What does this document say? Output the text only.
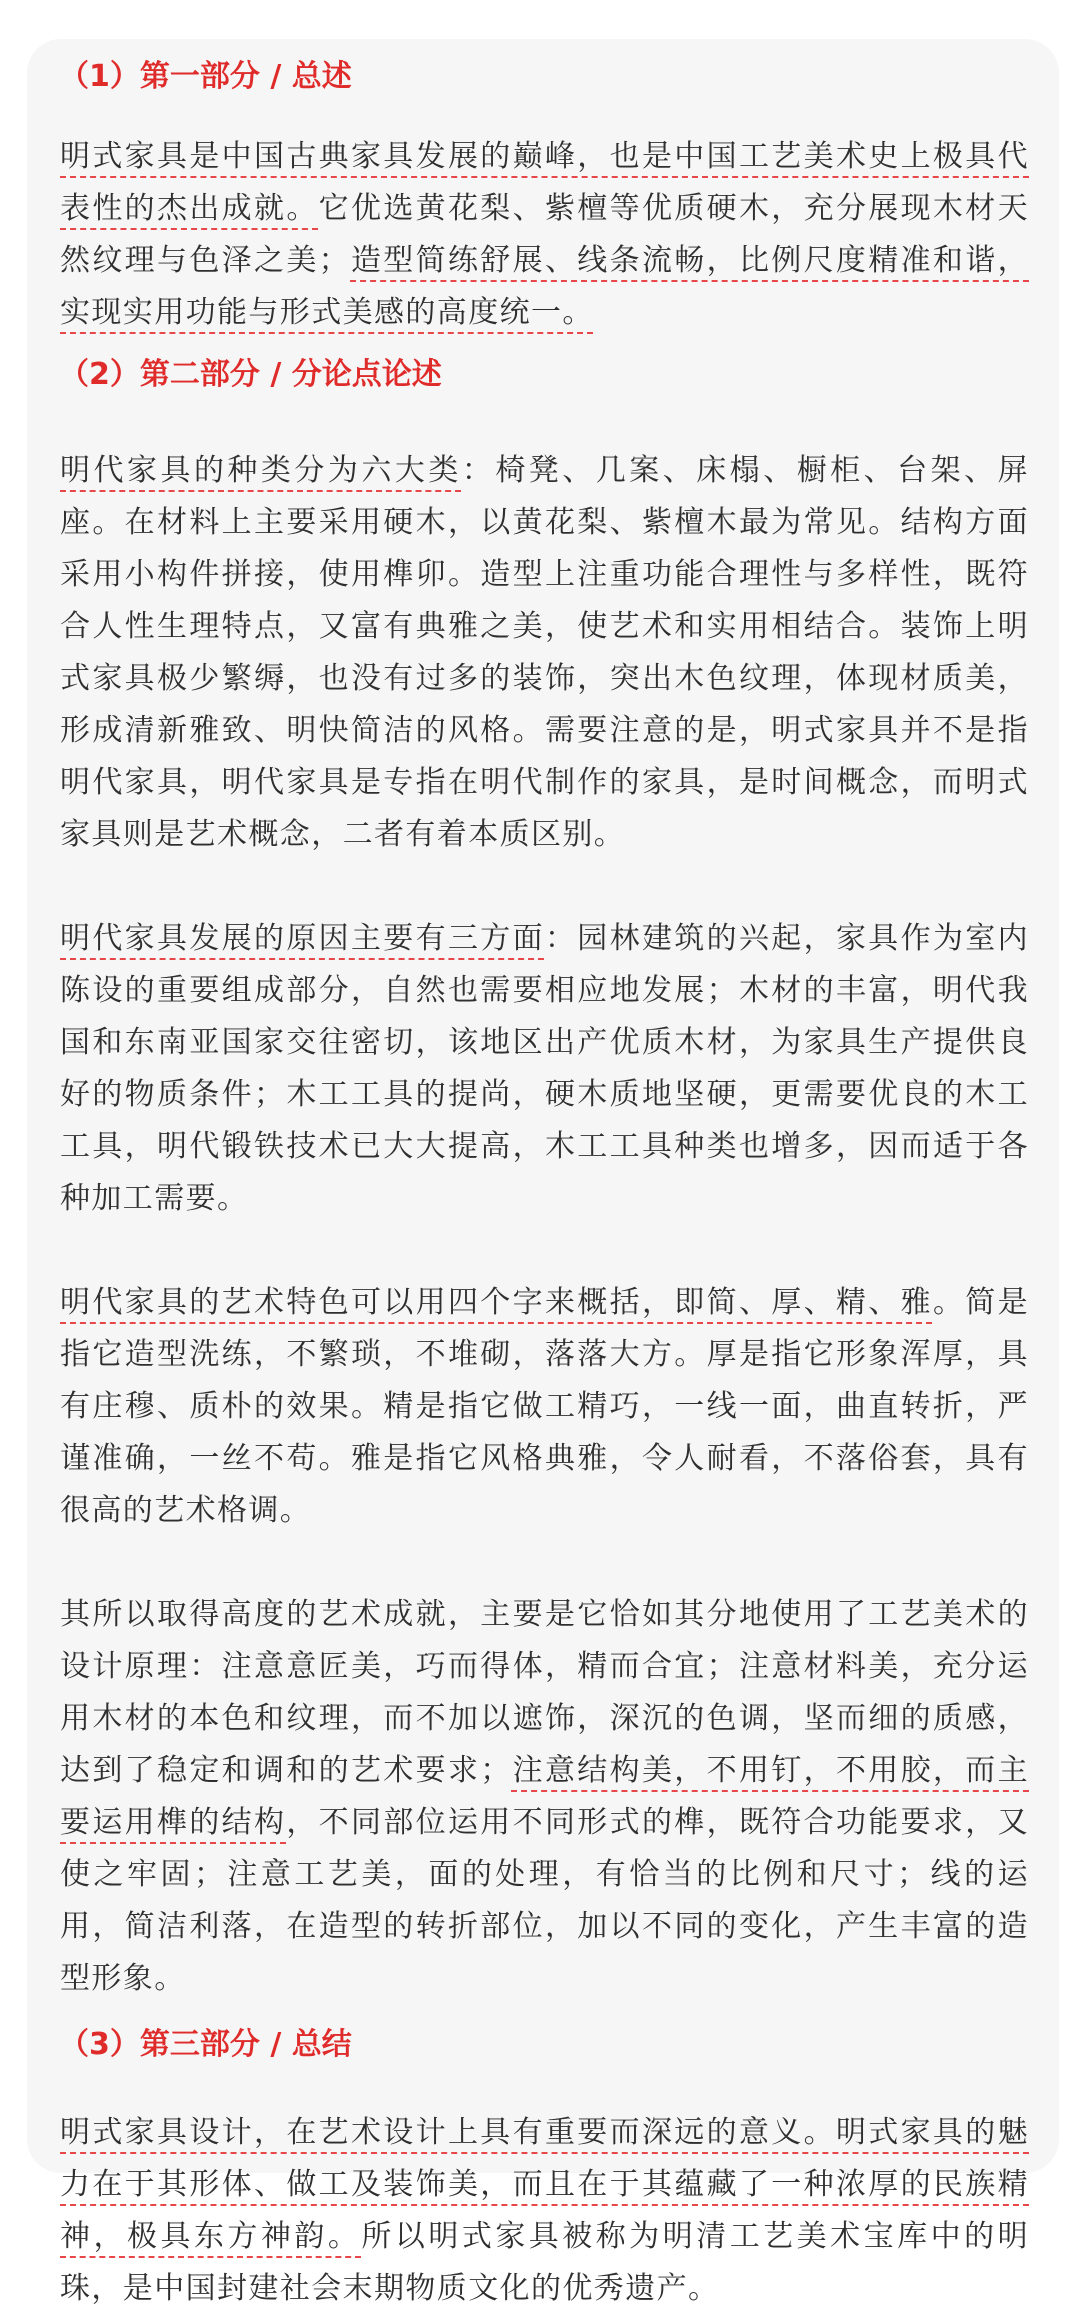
（1）第一部分 / 总述

明式家具是中国古典家具发展的巅峰，也是中国工艺美术史上极具代表性的杰出成就。它优选黄花梨、紫檀等优质硬木，充分展现木材天然纹理与色泽之美；造型简练舒展、线条流畅，比例尺度精准和谐，实现实用功能与形式美感的高度统一。

（2）第二部分 / 分论点论述

明代家具的种类分为六大类：椅凳、几案、床榻、橱柜、台架、屏座。在材料上主要采用硬木，以黄花梨、紫檀木最为常见。结构方面采用小构件拼接，使用榫卯。造型上注重功能合理性与多样性，既符合人性生理特点，又富有典雅之美，使艺术和实用相结合。装饰上明式家具极少繁缛，也没有过多的装饰，突出木色纹理，体现材质美，形成清新雅致、明快简洁的风格。需要注意的是，明式家具并不是指明代家具，明代家具是专指在明代制作的家具，是时间概念，而明式家具则是艺术概念，二者有着本质区别。

明代家具发展的原因主要有三方面：园林建筑的兴起，家具作为室内陈设的重要组成部分，自然也需要相应地发展；木材的丰富，明代我国和东南亚国家交往密切，该地区出产优质木材，为家具生产提供良好的物质条件；木工工具的提尚，硬木质地坚硬，更需要优良的木工工具，明代锻铁技术已大大提高，木工工具种类也增多，因而适于各种加工需要。

明代家具的艺术特色可以用四个字来概括，即简、厚、精、雅。简是指它造型洗练，不繁琐，不堆砌，落落大方。厚是指它形象浑厚，具有庄穆、质朴的效果。精是指它做工精巧，一线一面，曲直转折，严谨准确，一丝不苟。雅是指它风格典雅，令人耐看，不落俗套，具有很高的艺术格调。

其所以取得高度的艺术成就，主要是它恰如其分地使用了工艺美术的设计原理：注意意匠美，巧而得体，精而合宜；注意材料美，充分运用木材的本色和纹理，而不加以遮饰，深沉的色调，坚而细的质感，达到了稳定和调和的艺术要求；注意结构美，不用钉，不用胶，而主要运用榫的结构，不同部位运用不同形式的榫，既符合功能要求，又使之牢固；注意工艺美，面的处理，有恰当的比例和尺寸；线的运用，简洁利落，在造型的转折部位，加以不同的变化，产生丰富的造型形象。

（3）第三部分 / 总结

明式家具设计，在艺术设计上具有重要而深远的意义。明式家具的魅力在于其形体、做工及装饰美，而且在于其蕴藏了一种浓厚的民族精神，极具东方神韵。所以明式家具被称为明清工艺美术宝库中的明珠，是中国封建社会末期物质文化的优秀遗产。
